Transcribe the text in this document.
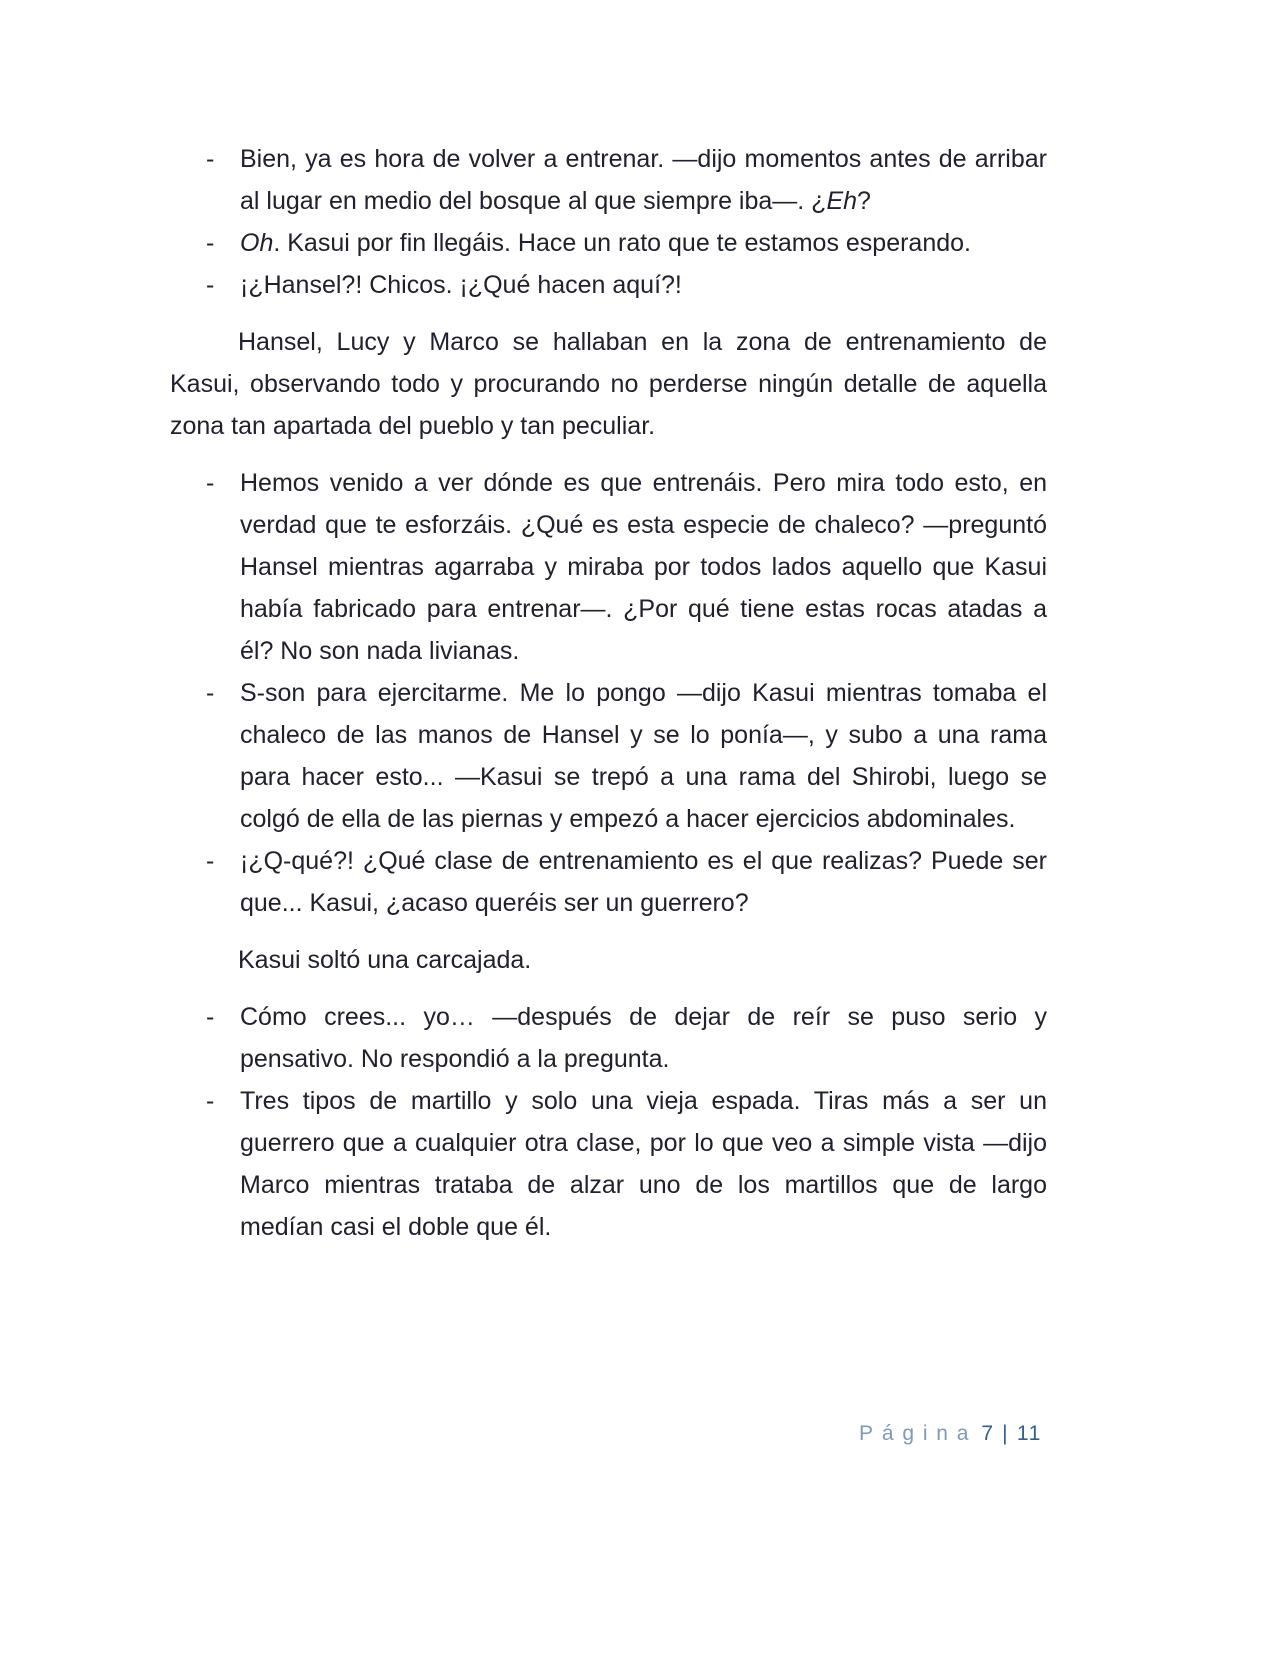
- Bien, ya es hora de volver a entrenar. —dijo momentos antes de arribar al lugar en medio del bosque al que siempre iba—. ¿Eh?
- Oh. Kasui por fin llegáis. Hace un rato que te estamos esperando.
- ¡¿Hansel?! Chicos. ¡¿Qué hacen aquí?!

Hansel, Lucy y Marco se hallaban en la zona de entrenamiento de Kasui, observando todo y procurando no perderse ningún detalle de aquella zona tan apartada del pueblo y tan peculiar.

- Hemos venido a ver dónde es que entrenáis. Pero mira todo esto, en verdad que te esforzáis. ¿Qué es esta especie de chaleco? —preguntó Hansel mientras agarraba y miraba por todos lados aquello que Kasui había fabricado para entrenar—. ¿Por qué tiene estas rocas atadas a él? No son nada livianas.
- S-son para ejercitarme. Me lo pongo —dijo Kasui mientras tomaba el chaleco de las manos de Hansel y se lo ponía—, y subo a una rama para hacer esto... —Kasui se trepó a una rama del Shirobi, luego se colgó de ella de las piernas y empezó a hacer ejercicios abdominales.
- ¡¿Q-qué?! ¿Qué clase de entrenamiento es el que realizas? Puede ser que... Kasui, ¿acaso queréis ser un guerrero?

Kasui soltó una carcajada.

- Cómo crees... yo… —después de dejar de reír se puso serio y pensativo. No respondió a la pregunta.
- Tres tipos de martillo y solo una vieja espada. Tiras más a ser un guerrero que a cualquier otra clase, por lo que veo a simple vista —dijo Marco mientras trataba de alzar uno de los martillos que de largo medían casi el doble que él.
Página 7 | 11
